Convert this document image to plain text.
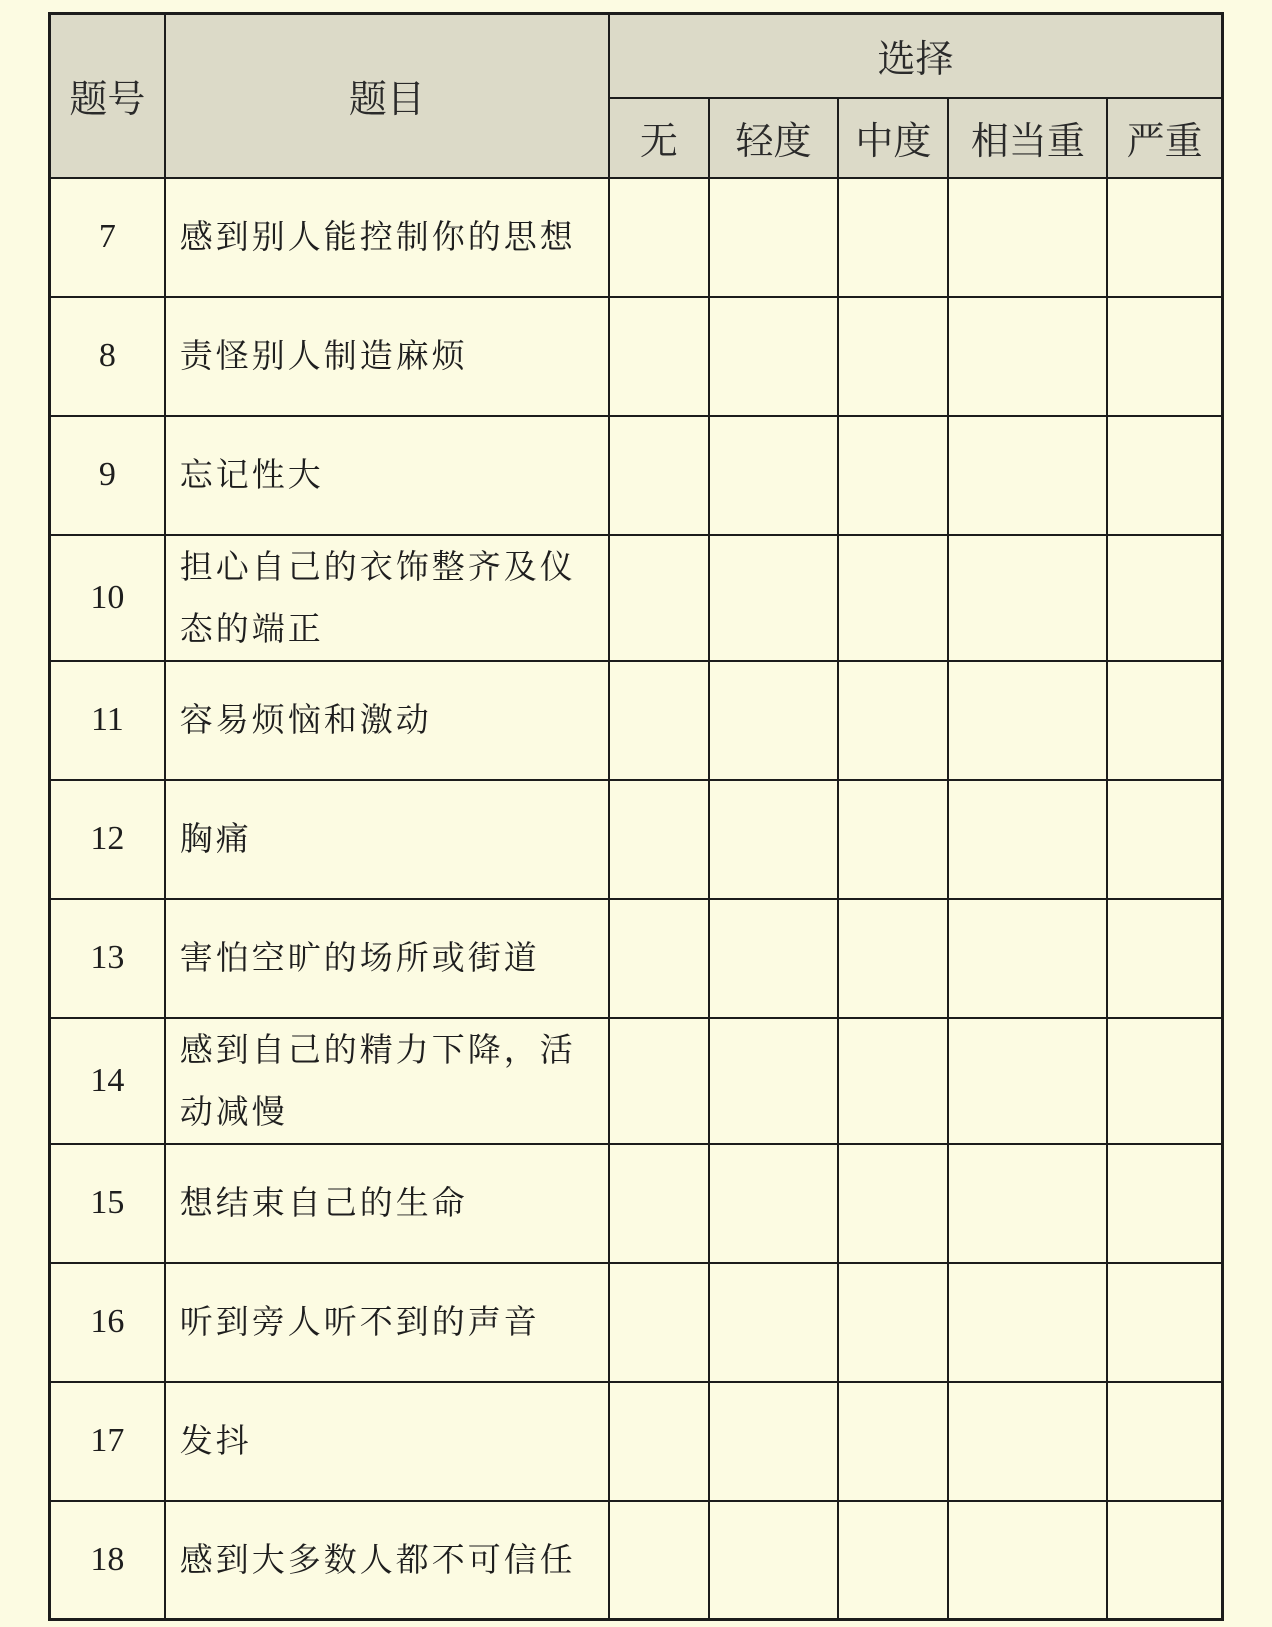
题号	题目	选择				
		无	轻度	中度	相当重	严重
7	感到别人能控制你的思想					
8	责怪别人制造麻烦					
9	忘记性大					
10	担心自己的衣饰整齐及仪态的端正					
11	容易烦恼和激动					
12	胸痛					
13	害怕空旷的场所或街道					
14	感到自己的精力下降，活动减慢					
15	想结束自己的生命					
16	听到旁人听不到的声音					
17	发抖					
18	感到大多数人都不可信任					
